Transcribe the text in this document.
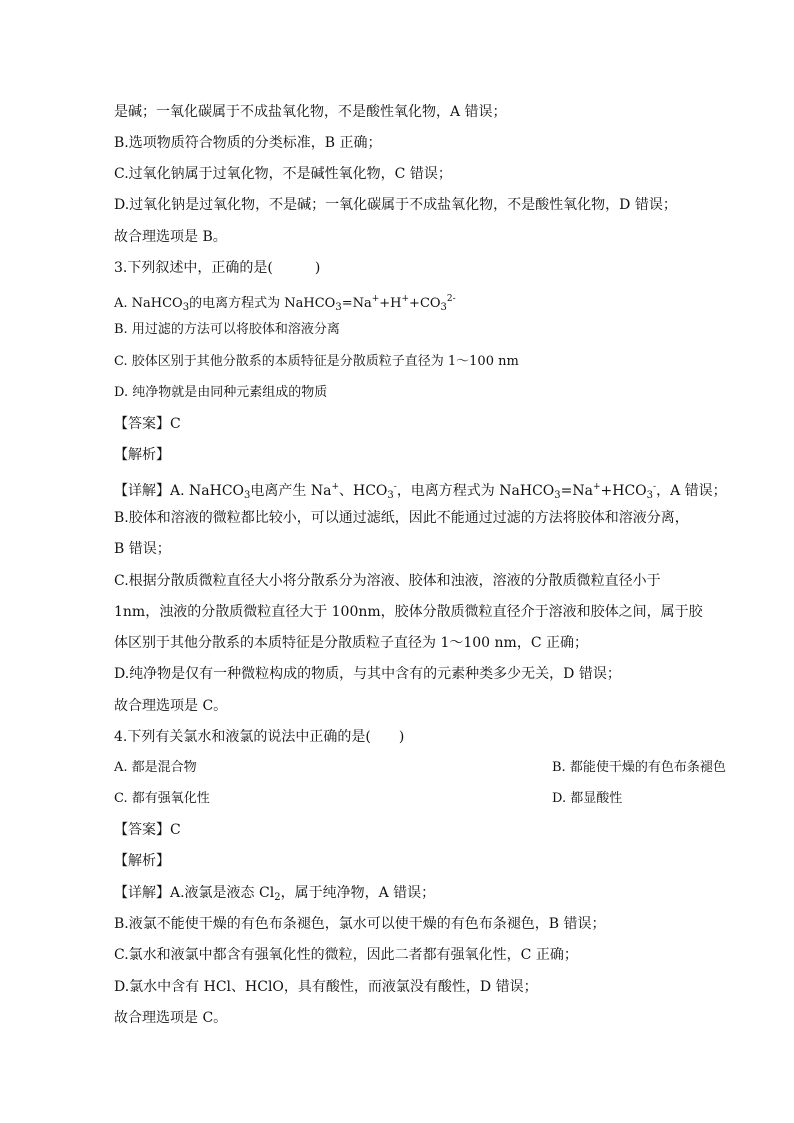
是碱；一氧化碳属于不成盐氧化物，不是酸性氧化物，A 错误；
B.选项物质符合物质的分类标准，B 正确；
C.过氧化钠属于过氧化物，不是碱性氧化物，C 错误；
D.过氧化钠是过氧化物，不是碱；一氧化碳属于不成盐氧化物，不是酸性氧化物，D 错误；
故合理选项是 B。
3.下列叙述中，正确的是(　　　)
A. NaHCO$_3$的电离方程式为 $NaHCO_3=Na^++H^++CO_3^{2-}$
B. 用过滤的方法可以将胶体和溶液分离
C. 胶体区别于其他分散系的本质特征是分散质粒子直径为 1～100 nm
D. 纯净物就是由同种元素组成的物质
【答案】C
【解析】
【详解】A. NaHCO$_3$电离产生 Na+、$HCO_3^-$，电离方程式为 $NaHCO_3=Na^++HCO_3^-$，A 错误；
B.胶体和溶液的微粒都比较小，可以通过滤纸，因此不能通过过滤的方法将胶体和溶液分离，
B 错误；
C.根据分散质微粒直径大小将分散系分为溶液、胶体和浊液，溶液的分散质微粒直径小于
1nm，浊液的分散质微粒直径大于 100nm，胶体分散质微粒直径介于溶液和胶体之间，属于胶
体区别于其他分散系的本质特征是分散质粒子直径为 1～100 nm，C 正确；
D.纯净物是仅有一种微粒构成的物质，与其中含有的元素种类多少无关，D 错误；
故合理选项是 C。
4.下列有关氯水和液氯的说法中正确的是(　　)
A. 都是混合物	B. 都能使干燥的有色布条褪色
C. 都有强氧化性	D. 都显酸性
【答案】C
【解析】
【详解】A.液氯是液态 $Cl_2$，属于纯净物，A 错误；
B.液氯不能使干燥的有色布条褪色，氯水可以使干燥的有色布条褪色，B 错误；
C.氯水和液氯中都含有强氧化性的微粒，因此二者都有强氧化性，C 正确；
D.氯水中含有 HCl、HClO，具有酸性，而液氯没有酸性，D 错误；
故合理选项是 C。
